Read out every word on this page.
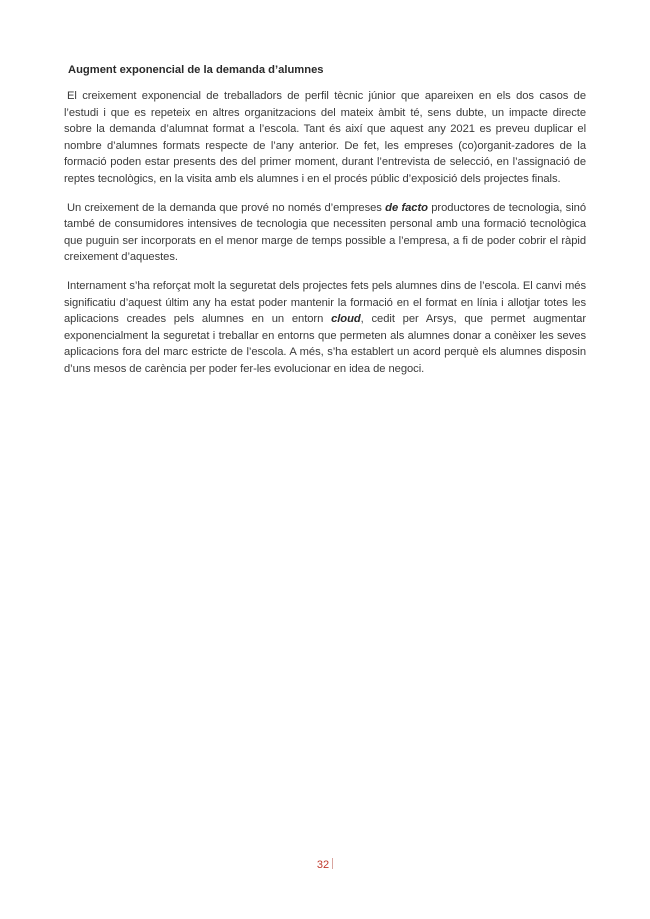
Augment exponencial de la demanda d’alumnes

El creixement exponencial de treballadors de perfil tècnic júnior que apareixen en els dos casos de l’estudi i que es repeteix en altres organitzacions del mateix àmbit té, sens dubte, un impacte directe sobre la demanda d’alumnat format a l’escola. Tant és així que aquest any 2021 es preveu duplicar el nombre d’alumnes formats respecte de l’any anterior. De fet, les empreses (co)organit-zadores de la formació poden estar presents des del primer moment, durant l’entrevista de selecció, en l’assignació de reptes tecnològics, en la visita amb els alumnes i en el procés públic d’exposició dels projectes finals.

Un creixement de la demanda que prové no només d’empreses de facto productores de tecnologia, sinó també de consumidores intensives de tecnologia que necessiten personal amb una formació tecnològica que puguin ser incorporats en el menor marge de temps possible a l’empresa, a fi de poder cobrir el ràpid creixement d’aquestes.

Internament s’ha reforçat molt la seguretat dels projectes fets pels alumnes dins de l’escola. El canvi més significatiu d’aquest últim any ha estat poder mantenir la formació en el format en línia i allotjar totes les aplicacions creades pels alumnes en un entorn cloud, cedit per Arsys, que permet augmentar exponencialment la seguretat i treballar en entorns que permeten als alumnes donar a conèixer les seves aplicacions fora del marc estricte de l’escola. A més, s’ha establert un acord perquè els alumnes disposin d’uns mesos de carència per poder fer-les evolucionar en idea de negoci.

32
